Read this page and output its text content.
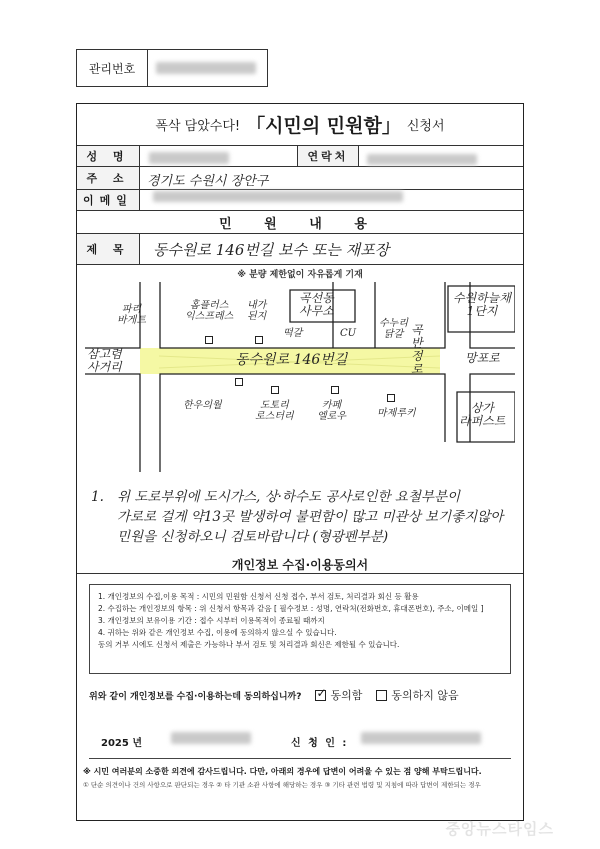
관리번호
폭삭 담았수다! 「시민의 민원함」 신청서
성 명	연락처
주 소	경기도 수원시 장안구
이메일
민 원 내 용
제 목	동수원로 146번길 보수 또는 재포장
※ 분량 제한없이 자유롭게 기재
삼고렴
사거리
파리
바게트
홈플러스
익스프레스
내가
된지
떡갈	CU
곡선동
사무소
수누리
닭갈 곡
반
정
로
수원하늘채
1단지
망포로
한우의월	도토리
로스터리
카페
엘로우	마제루키	상가
라퍼스트
동수원로 146번길
1. 위 도로부위에 도시가스, 상·하수도 공사로인한 요철부분이

가로로 걸게 약13곳 발생하여 불편함이 많고 미관상 보기좋지않아

민원을 신청하오니 검토바랍니다 (형광펜부분)

개인정보 수집·이용동의서
1. 개인정보의 수집,이용 목적 : 시민의 민원함 신청서 신청 접수, 부서 검토, 처리결과 회신 등 활용
2. 수집하는 개인정보의 항목 : 위 신청서 항목과 같음 [ 필수정보 : 성명, 연락처(전화번호, 휴대폰번호), 주소, 이메일 ]
3. 개인정보의 보유이용 기간 : 접수 시부터 이용목적이 종료될 때까지
4. 귀하는 위와 같은 개인정보 수집, 이용에 동의하지 않으실 수 있습니다.
동의 거부 시에도 신청서 제출은 가능하나 부서 검토 및 처리결과 회신은 제한될 수 있습니다.
위와 같이 개인정보를 수집·이용하는데 동의하십니까?
✓	동의함	동의하지 않음
2025 년	신 청 인 :
※ 시민 여러분의 소중한 의견에 감사드립니다. 다만, 아래의 경우에 답변이 어려울 수 있는 점 양해 부탁드립니다.
① 단순 의견이나 건의 사항으로 판단되는 경우 ② 타 기관 소관 사항에 해당하는 경우 ③ 기타 관련 법령 및 지침에 따라 답변이 제한되는 경우
중앙뉴스타임스
